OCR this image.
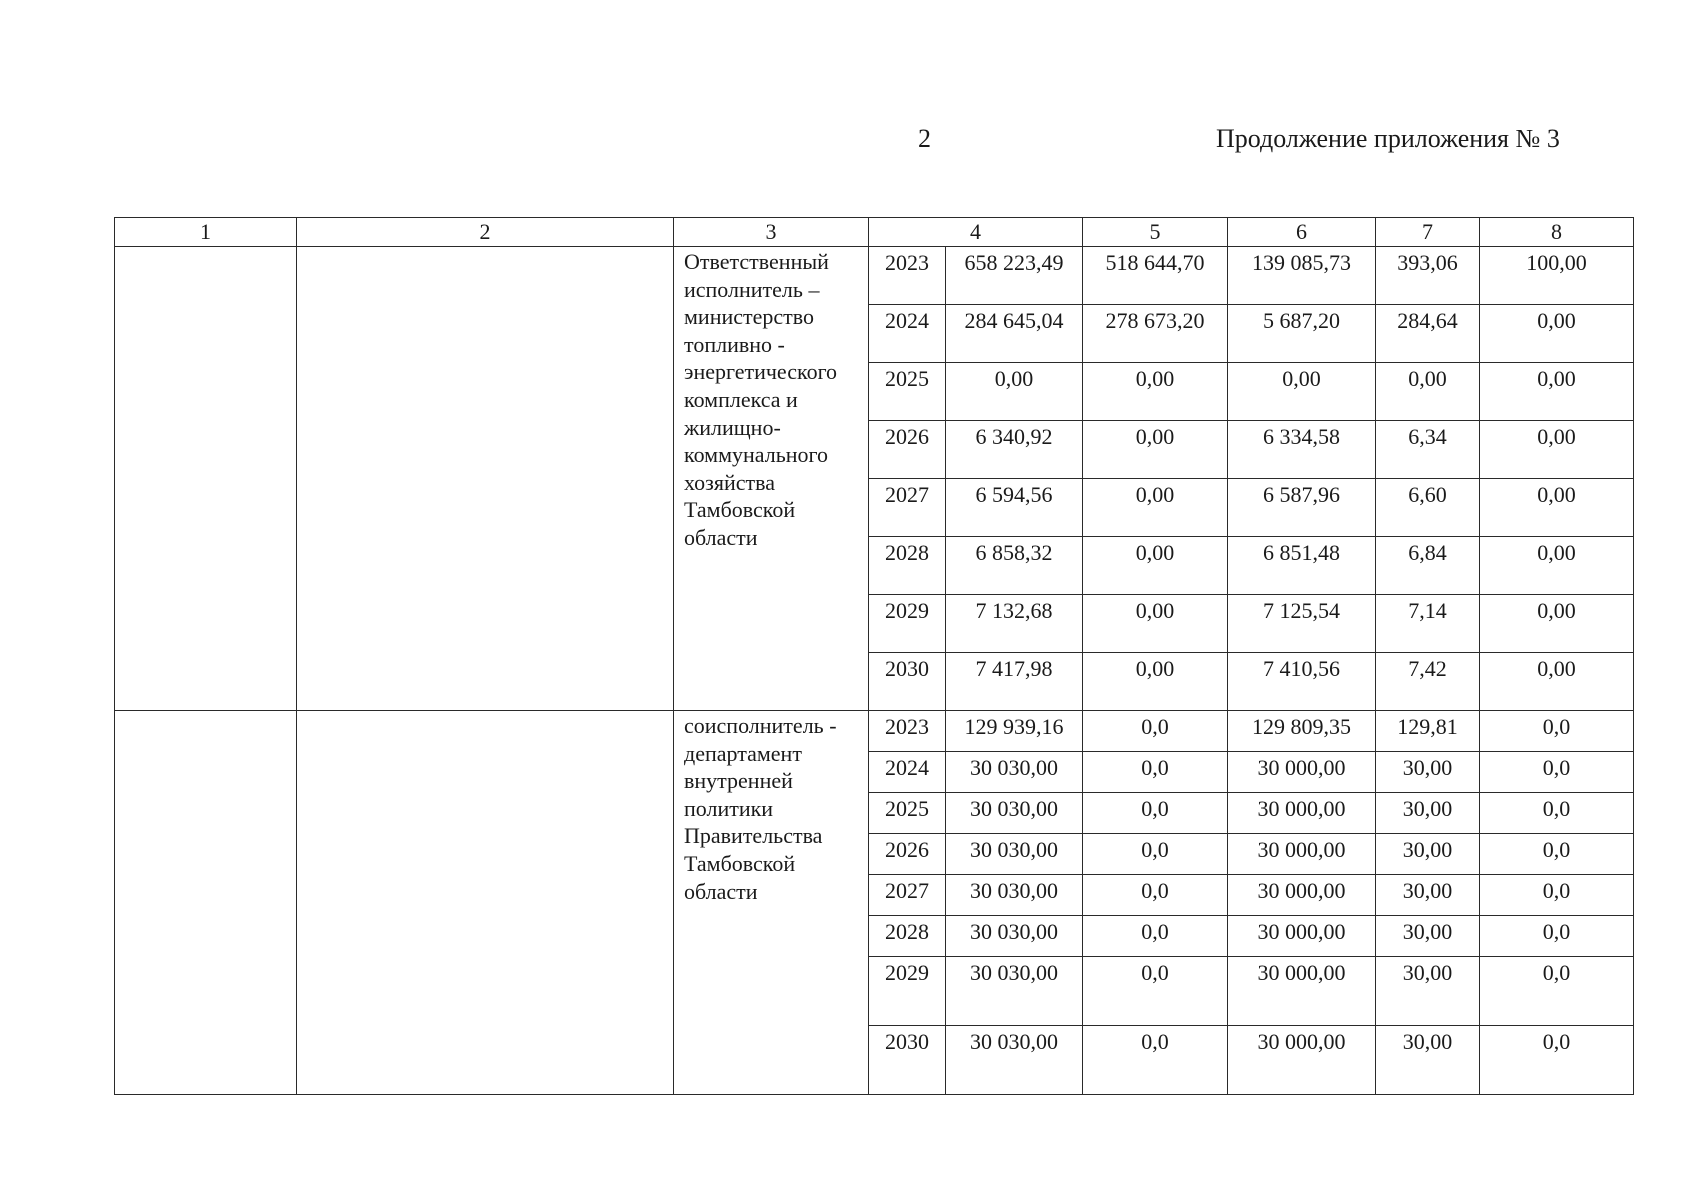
2	Продолжение приложения № 3
1	2	3	4		5	6	7	8
		Ответственный исполнитель – министерство топливно - энергетического комплекса и жилищно-коммунального хозяйства Тамбовской области	2023	658 223,49	518 644,70	139 085,73	393,06	100,00
			2024	284 645,04	278 673,20	5 687,20	284,64	0,00
			2025	0,00	0,00	0,00	0,00	0,00
			2026	6 340,92	0,00	6 334,58	6,34	0,00
			2027	6 594,56	0,00	6 587,96	6,60	0,00
			2028	6 858,32	0,00	6 851,48	6,84	0,00
			2029	7 132,68	0,00	7 125,54	7,14	0,00
			2030	7 417,98	0,00	7 410,56	7,42	0,00
		соисполнитель - департамент внутренней политики Правительства Тамбовской области	2023	129 939,16	0,0	129 809,35	129,81	0,0
			2024	30 030,00	0,0	30 000,00	30,00	0,0
			2025	30 030,00	0,0	30 000,00	30,00	0,0
			2026	30 030,00	0,0	30 000,00	30,00	0,0
			2027	30 030,00	0,0	30 000,00	30,00	0,0
			2028	30 030,00	0,0	30 000,00	30,00	0,0
			2029	30 030,00	0,0	30 000,00	30,00	0,0
			2030	30 030,00	0,0	30 000,00	30,00	0,0
